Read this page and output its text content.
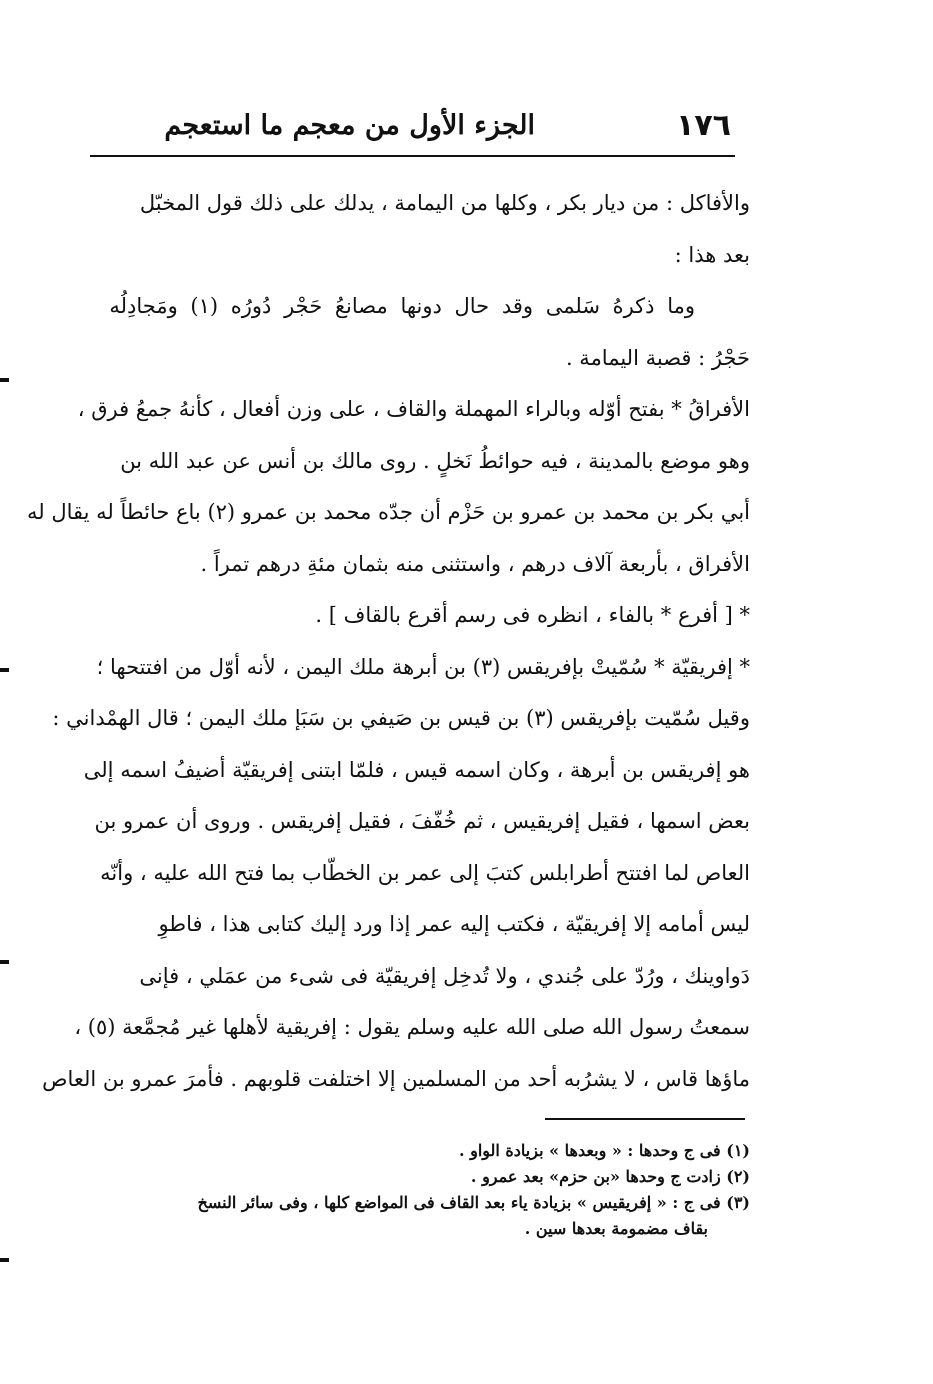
١٧٦
الجزء الأول من معجم ما استعجم
والأفاكل : من ديار بكر ، وكلها من اليمامة ، يدلك على ذلك قول المخبّل
بعد هذا :
وما ذكرهُ سَلمى وقد حال دونها مصانعُ حَجْر دُورُه (١) ومَجادِلُه
حَجْرُ : قصبة اليمامة .
الأفراقُ * بفتح أوّله وبالراء المهملة والقاف ، على وزن أفعال ، كأنهُ جمعُ فرق ،
وهو موضع بالمدينة ، فيه حوائطُ نَخلٍ . روى مالك بن أنس عن عبد الله بن
أبي بكر بن محمد بن عمرو بن حَزْم أن جدّه محمد بن عمرو (٢) باع حائطاً له يقال له
الأفراق ، بأربعة آلاف درهم ، واستثنى منه بثمان مئةِ درهم تمراً .
* [ أفرع * بالفاء ، انظره فى رسم أقرع بالقاف ] .
* إفريقيّة * سُمّيتْ بإفريقس (٣) بن أبرهة ملك اليمن ، لأنه أوّل من افتتحها ؛
وقيل سُمّيت بإفريقس (٣) بن قيس بن صَيفي بن سَبَإ ملك اليمن ؛ قال الهمْداني :
هو إفريقس بن أبرهة ، وكان اسمه قيس ، فلمّا ابتنى إفريقيّة أضيفُ اسمه إلى
بعض اسمها ، فقيل إفريقيس ، ثم خُفّفَ ، فقيل إفريقس . وروى أن عمرو بن
العاص لما افتتح أطرابلس كتبَ إلى عمر بن الخطّاب بما فتح الله عليه ، وأنّه
ليس أمامه إلا إفريقيّة ، فكتب إليه عمر إذا ورد إليك كتابى هذا ، فاطوِ
دَواوينك ، ورُدّ على جُندي ، ولا تُدخِل إفريقيّة فى شىء من عمَلي ، فإنى
سمعتُ رسول الله صلى الله عليه وسلم يقول : إفريقية لأهلها غير مُجمَّعة (٥) ،
ماؤها قاس ، لا يشرُبه أحد من المسلمين إلا اختلفت قلوبهم . فأمرَ عمرو بن العاص
(١) فى ج وحدها : « وبعدها » بزيادة الواو .
(٢) زادت ج وحدها «بن حزم» بعد عمرو .
(٣) فى ج : « إفريقيس » بزيادة ياء بعد القاف فى المواضع كلها ، وفى سائر النسخ
بقاف مضمومة بعدها سين .
